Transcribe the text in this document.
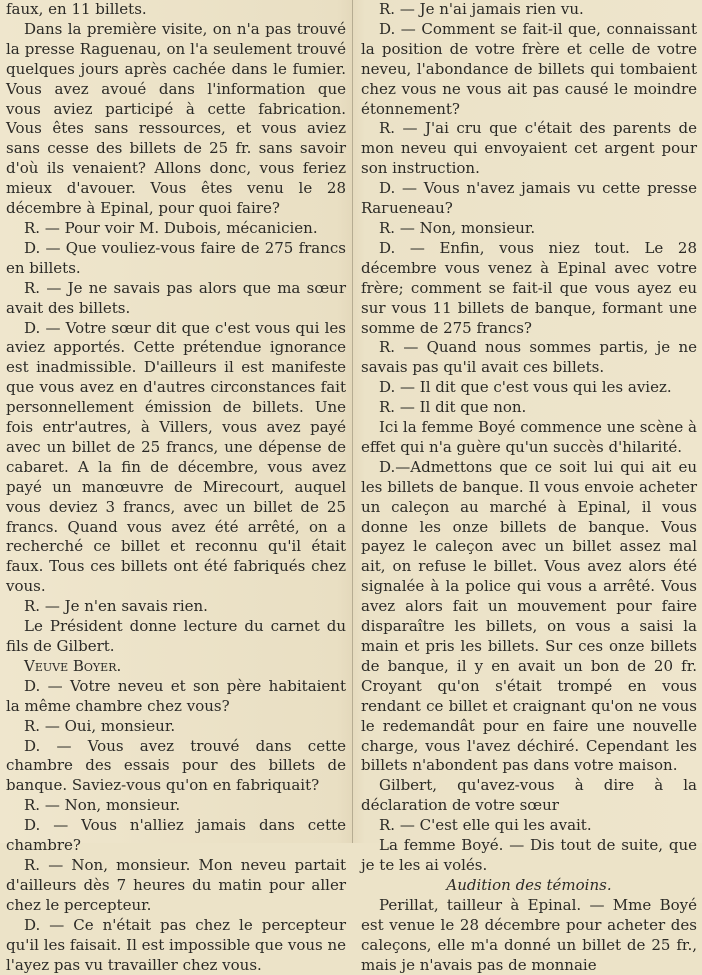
faux, en 11 billets.

Dans la première visite, on n'a pas trouvé la presse Raguenau, on l'a seulement trouvé quelques jours après cachée dans le fumier. Vous avez avoué dans l'information que vous aviez participé à cette fabrication. Vous êtes sans ressources, et vous aviez sans cesse des billets de 25 fr. sans savoir d'où ils venaient? Allons donc, vous feriez mieux d'avouer. Vous êtes venu le 28 décembre à Epinal, pour quoi faire?

R. — Pour voir M. Dubois, mécanicien.

D. — Que vouliez-vous faire de 275 francs en billets.

R. — Je ne savais pas alors que ma sœur avait des billets.

D. — Votre sœur dit que c'est vous qui les aviez apportés. Cette prétendue ignorance est inadmissible. D'ailleurs il est manifeste que vous avez en d'autres circonstances fait personnellement émission de billets. Une fois entr'autres, à Villers, vous avez payé avec un billet de 25 francs, une dépense de cabaret. A la fin de décembre, vous avez payé un manœuvre de Mirecourt, auquel vous deviez 3 francs, avec un billet de 25 francs. Quand vous avez été arrêté, on a recherché ce billet et reconnu qu'il était faux. Tous ces billets ont été fabriqués chez vous.

R. — Je n'en savais rien.

Le Président donne lecture du carnet du fils de Gilbert.

Veuve Boyer.

D. — Votre neveu et son père habitaient la même chambre chez vous?

R. — Oui, monsieur.

D. — Vous avez trouvé dans cette chambre des essais pour des billets de banque. Saviez-vous qu'on en fabriquait?

R. — Non, monsieur.

D. — Vous n'alliez jamais dans cette chambre?

R. — Non, monsieur. Mon neveu partait d'ailleurs dès 7 heures du matin pour aller chez le percepteur.

D. — Ce n'était pas chez le percepteur qu'il les faisait. Il est impossible que vous ne l'ayez pas vu travailler chez vous.

R. — Je n'ai jamais rien vu.

D. — Comment se fait-il que, connaissant la position de votre frère et celle de votre neveu, l'abondance de billets qui tombaient chez vous ne vous ait pas causé le moindre étonnement?

R. — J'ai cru que c'était des parents de mon neveu qui envoyaient cet argent pour son instruction.

D. — Vous n'avez jamais vu cette presse Rагueneau?

R. — Non, monsieur.

D. — Enfin, vous niez tout. Le 28 décembre vous venez à Epinal avec votre frère; comment se fait-il que vous ayez eu sur vous 11 billets de banque, formant une somme de 275 francs?

R. — Quand nous sommes partis, je ne savais pas qu'il avait ces billets.

D. — Il dit que c'est vous qui les aviez.

R. — Il dit que non.

Ici la femme Boyé commence une scène à effet qui n'a guère qu'un succès d'hilarité.

D.—Admettons que ce soit lui qui ait eu les billets de banque. Il vous envoie acheter un caleçon au marché à Epinal, il vous donne les onze billets de banque. Vous payez le caleçon avec un billet assez mal ait, on refuse le billet. Vous avez alors été signalée à la police qui vous a arrêté. Vous avez alors fait un mouvement pour faire disparaître les billets, on vous a saisi la main et pris les billets. Sur ces onze billets de banque, il y en avait un bon de 20 fr. Croyant qu'on s'était trompé en vous rendant ce billet et craignant qu'on ne vous le redemandât pour en faire une nouvelle charge, vous l'avez déchiré. Cependant les billets n'abondent pas dans votre maison.

Gilbert, qu'avez-vous à dire à la déclaration de votre sœur

R. — C'est elle qui les avait.

La femme Boyé. — Dis tout de suite, que je te les ai volés.

Audition des témoins.

Perillat, tailleur à Epinal. — Mme Boyé est venue le 28 décembre pour acheter des caleçons, elle m'a donné un billet de 25 fr., mais je n'avais pas de monnaie
